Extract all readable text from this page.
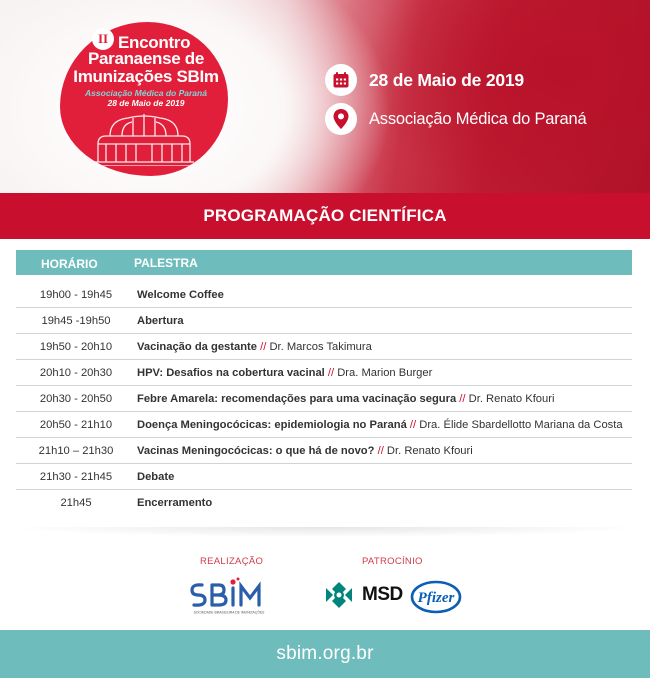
II Encontro
Paranaense de
Imunizações SBIm
Associação Médica do Paraná
28 de Maio de 2019
28 de Maio de 2019
Associação Médica do Paraná
PROGRAMAÇÃO CIENTÍFICA
HORÁRIO	PALESTRA
19h00 - 19h45	Welcome Coffee
19h45 -19h50	Abertura
19h50 - 20h10	Vacinação da gestante // Dr. Marcos Takimura
20h10 - 20h30	HPV: Desafios na cobertura vacinal // Dra. Marion Burger
20h30 - 20h50	Febre Amarela: recomendações para uma vacinação segura // Dr. Renato Kfouri
20h50 - 21h10	Doença Meningocócicas: epidemiologia no Paraná // Dra. Élide Sbardellotto Mariana da Costa
21h10 – 21h30	Vacinas Meningocócicas: o que há de novo? // Dr. Renato Kfouri
21h30 - 21h45	Debate
21h45	Encerramento
REALIZAÇÃO	PATROCÍNIO
SOCIEDADE BRASILEIRA DE IMUNIZAÇÕES
MSD Pfizer
sbim.org.br
